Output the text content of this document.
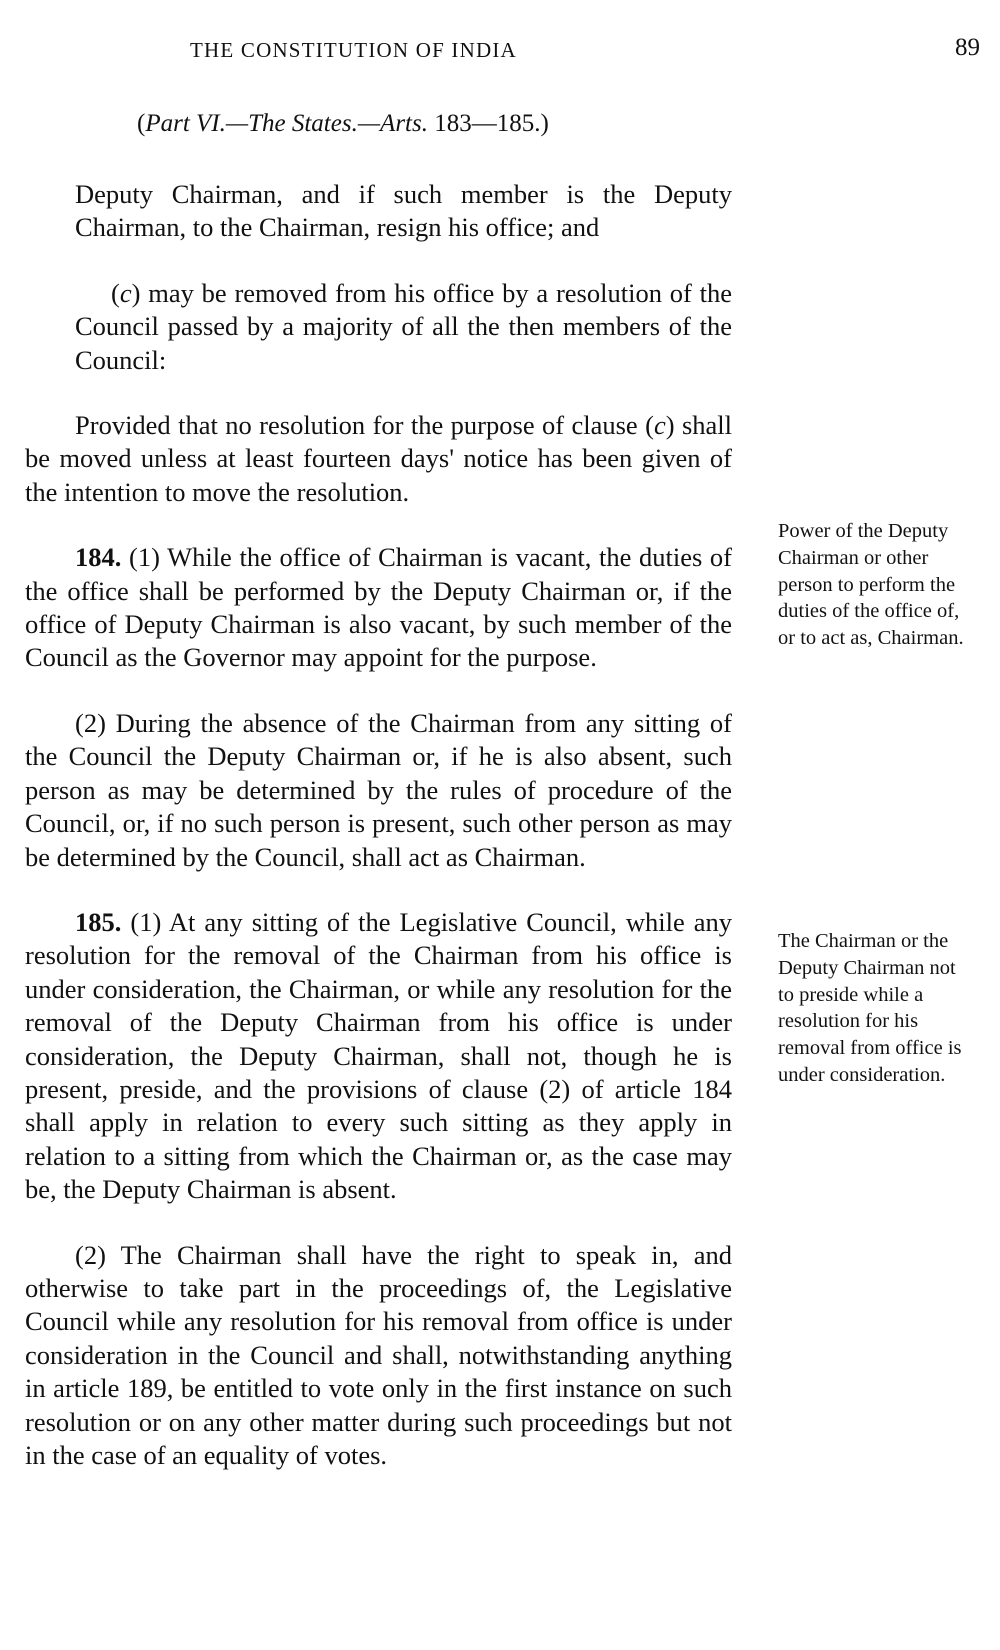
THE CONSTITUTION OF INDIA	89
(Part VI.—The States.—Arts. 183—185.)

Deputy Chairman, and if such member is the Deputy Chairman, to the Chairman, resign his office; and

(c) may be removed from his office by a resolution of the Council passed by a majority of all the then members of the Council:

Provided that no resolution for the purpose of clause (c) shall be moved unless at least fourteen days' notice has been given of the intention to move the resolution.

184. (1) While the office of Chairman is vacant, the duties of the office shall be performed by the Deputy Chairman or, if the office of Deputy Chairman is also vacant, by such member of the Council as the Governor may appoint for the purpose.

(2) During the absence of the Chairman from any sitting of the Council the Deputy Chairman or, if he is also absent, such person as may be determined by the rules of procedure of the Council, or, if no such person is present, such other person as may be determined by the Council, shall act as Chairman.

185. (1) At any sitting of the Legislative Council, while any resolution for the removal of the Chairman from his office is under consideration, the Chairman, or while any resolution for the removal of the Deputy Chairman from his office is under consideration, the Deputy Chairman, shall not, though he is present, preside, and the provisions of clause (2) of article 184 shall apply in relation to every such sitting as they apply in relation to a sitting from which the Chairman or, as the case may be, the Deputy Chairman is absent.

(2) The Chairman shall have the right to speak in, and otherwise to take part in the proceedings of, the Legislative Council while any resolution for his removal from office is under consideration in the Council and shall, notwithstanding anything in article 189, be entitled to vote only in the first instance on such resolution or on any other matter during such proceedings but not in the case of an equality of votes.

Power of the Deputy Chairman or other person to perform the duties of the office of, or to act as, Chairman.
The Chairman or the Deputy Chairman not to preside while a resolution for his removal from office is under consideration.
